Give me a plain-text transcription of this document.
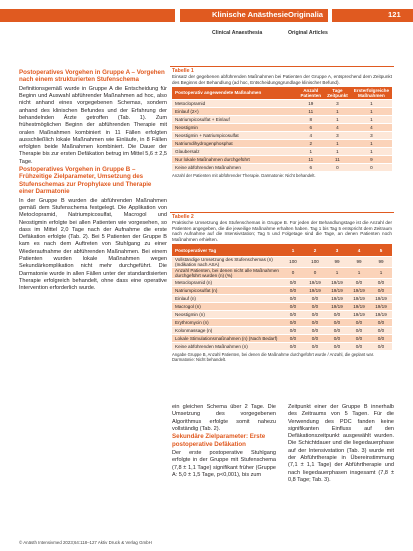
Klinische Anästhesie Originalia	121
Clinical Anaesthesia	Original Articles
Postoperatives Vorgehen in Gruppe A – Vorgehen nach einem strukturierten Stufenschema

Definitionsgemäß wurde in Gruppe A die Entscheidung für Beginn und Auswahl abführender Maßnahmen ad hoc, also nicht anhand eines vorgegebenen Schemas, sondern anhand des klinischen Befundes und der Erfahrung der behandelnden Ärzte getroffen (Tab. 1). Zum frühestmöglichen Beginn der abführenden Therapie mit oralen Maßnahmen kombiniert in 11 Fällen erfolgten ausschließlich lokale Maßnahmen wie Einläufe, in 8 Fällen erfolgten beide Maßnahmen kombiniert. Die Dauer der Therapie bis zur ersten Defäkation betrug im Mittel 5,6 ± 2,5 Tage.

Postoperatives Vorgehen in Gruppe B – Frühzeitige Zielparameter, Umsetzung des Stufenschemas zur Prophylaxe und Therapie einer Darmatonie

In der Gruppe B wurden die abführenden Maßnahmen gemäß dem Stufenschema festgelegt. Die Applikation von Metoclopramid, Natriumpicosulfat, Macrogol und Neostigmin erfolgte bei allen Patienten wie vorgesehen, so dass im Mittel 2,0 Tage nach der Aufnahme die erste Defäkation erfolgte (Tab. 2). Bei 5 Patienten der Gruppe B kam es nach dem Auftreten von Stuhlgang zu einer Wiederaufnahme der abführenden Maßnahmen. Bei einem Patienten wurden lokale Maßnahmen wegen Sekundärkomplikation nicht mehr durchgeführt. Die Darmatonie wurde in allen Fällen unter der standardisierten Therapie erfolgreich behandelt, ohne dass eine operative Intervention erforderlich wurde.

Tabelle 1
Einsatz der gegebenen abführenden Maßnahmen bei Patienten der Gruppe A, entsprechend dem Zeitpunkt des Beginns der Behandlung (ad hoc, Entscheidungsgrundlage klinischer Befund).
Postoperativ angewendete Maßnahmen	Anzahl Patienten	Tage Zeitpunkt	Ersterfolgreiche Maßnahmen
Metoclopramid	19	3	1
Einlauf (2×)	11	1	1
Natriumpicosulfat + Einlauf	8	1	1
Neostigmin	6	4	4
Neostigmin + Natriumpicosulfat	4	3	3
Natriumdihydrogenphosphat	2	1	1
Glaubersalz	1	1	1
Nur lokale Maßnahmen durchgeführt	11	11	9
Keine abführenden Maßnahmen	6	0	0
Anzahl der Patienten mit abführender Therapie. Darmatonie: Nicht behandelt.
Tabelle 2
Praktische Umsetzung des Stufenschemas in Gruppe B. Für jeden der Behandlungstage ist die Anzahl der Patienten angegeben, die die jeweilige Maßnahme erhalten haben. Tag 1 bis Tag 5 entspricht dem Zeitraum nach Aufnahme auf die Intensivstation; Tag 5 und Folgetage sind die Tage, an denen Patienten noch Maßnahmen erhielten.
Postoperativer Tag	1	2	3	4	5
Vollständige Umsetzung des Stufenschemas (n) (Indikation nach ASA)	100	100	99	99	99
Anzahl Patienten, bei denen nicht alle Maßnahmen durchgeführt wurden (n) (%)	0	0	1	1	1
Metoclopramid (n)	0/0	19/19	19/19	0/0	0/0
Natriumpicosulfat (n)	0/0	19/19	19/19	19/19	0/0
Einlauf (n)	0/0	0/0	19/19	19/19	19/19
Macrogol (n)	0/0	0/0	19/19	19/19	19/19
Neostigmin (n)	0/0	0/0	0/0	19/19	19/19
Erythromycin (n)	0/0	0/0	0/0	0/0	0/0
Kolonmassage (n)	0/0	0/0	0/0	0/0	0/0
Lokale Stimulationsmaßnahmen (n) (Nach Bedarf)	0/0	0/0	0/0	0/0	0/0
Keine abführenden Maßnahmen (n)	0/0	0/0	0/0	0/0	0/0
Angabe Gruppe B, Anzahl Patienten, bei denen die Maßnahme durchgeführt wurde / Anzahl, die geplant war. Darmatonie: Nicht behandelt.

ein gleichen Schema über 2 Tage. Die Umsetzung des vorgegebenen Algorithmus erfolgte somit nahezu vollständig (Tab. 2).

Sekundäre Zielparameter: Erste postoperative Defäkation

Der erste postoperative Stuhlgang erfolgte in der Gruppe mit Stufenschema (7,8 ± 1,1 Tage) signifikant früher (Gruppe A: 5,0 ± 1,5 Tage, p<0,001), bis zum

Zeitpunkt einer der Gruppe B innerhalb des Zeitraums von 5 Tagen. Für die Verwendung des PDC fanden keine signifikanten Einfluss auf den Defäkationszeitpunkt ausgewählt wurden. Die Schichtdauer und die liegedauerphase auf der Intensivstation (Tab. 3) wurde mit der Abführtherapie in Übereinstimmung (7,1 ± 1,1 Tage) der Abführtherapie und nach liegedauerphasen insgesamt (7,8 ± 0,8 Tage; Tab. 3).

© Anästh Intensivmed 2023;64:118–127 Aktiv Druck & Verlag GmbH
